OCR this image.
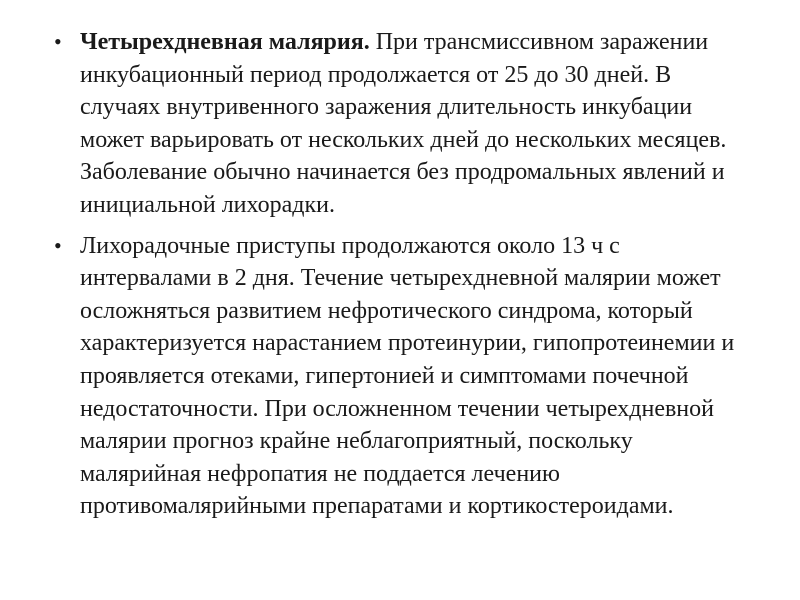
• Четырехдневная малярия. При трансмиссивном заражении инкубационный период продолжается от 25 до 30 дней. В случаях внутривенного заражения длительность инкубации может варьировать от нескольких дней до нескольких месяцев. Заболевание обычно начинается без продромальных явлений и инициальной лихорадки.
• Лихорадочные приступы продолжаются около 13 ч с интервалами в 2 дня. Течение четырехдневной малярии может осложняться развитием нефротического синдрома, который характеризуется нарастанием протеинурии, гипопротеинемии и проявляется отеками, гипертонией и симптомами почечной недостаточности. При осложненном течении четырехдневной малярии прогноз крайне неблагоприятный, поскольку малярийная нефропатия не поддается лечению противомалярийными препаратами и кортикостероидами.
